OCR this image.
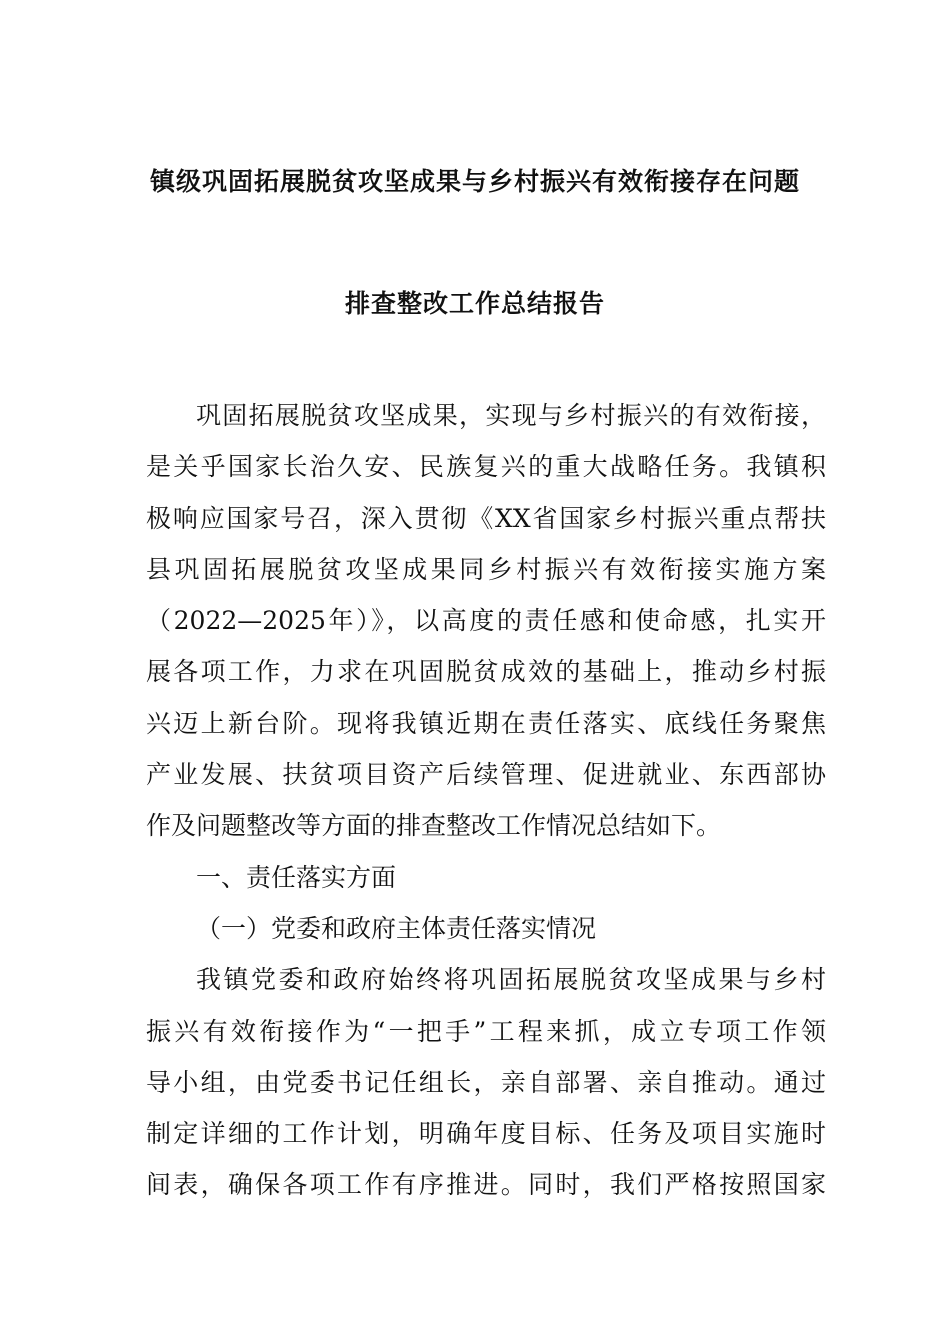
镇级巩固拓展脱贫攻坚成果与乡村振兴有效衔接存在问题
排查整改工作总结报告
巩固拓展脱贫攻坚成果，实现与乡村振兴的有效衔接，
是关乎国家长治久安、民族复兴的重大战略任务。我镇积
极响应国家号召，深入贯彻《XX省国家乡村振兴重点帮扶
县巩固拓展脱贫攻坚成果同乡村振兴有效衔接实施方案
（2022—2025年）》，以高度的责任感和使命感，扎实开
展各项工作，力求在巩固脱贫成效的基础上，推动乡村振
兴迈上新台阶。现将我镇近期在责任落实、底线任务聚焦
产业发展、扶贫项目资产后续管理、促进就业、东西部协
作及问题整改等方面的排查整改工作情况总结如下。
一、责任落实方面
（一）党委和政府主体责任落实情况
我镇党委和政府始终将巩固拓展脱贫攻坚成果与乡村
振兴有效衔接作为“一把手”工程来抓，成立专项工作领
导小组，由党委书记任组长，亲自部署、亲自推动。通过
制定详细的工作计划，明确年度目标、任务及项目实施时
间表，确保各项工作有序推进。同时，我们严格按照国家
